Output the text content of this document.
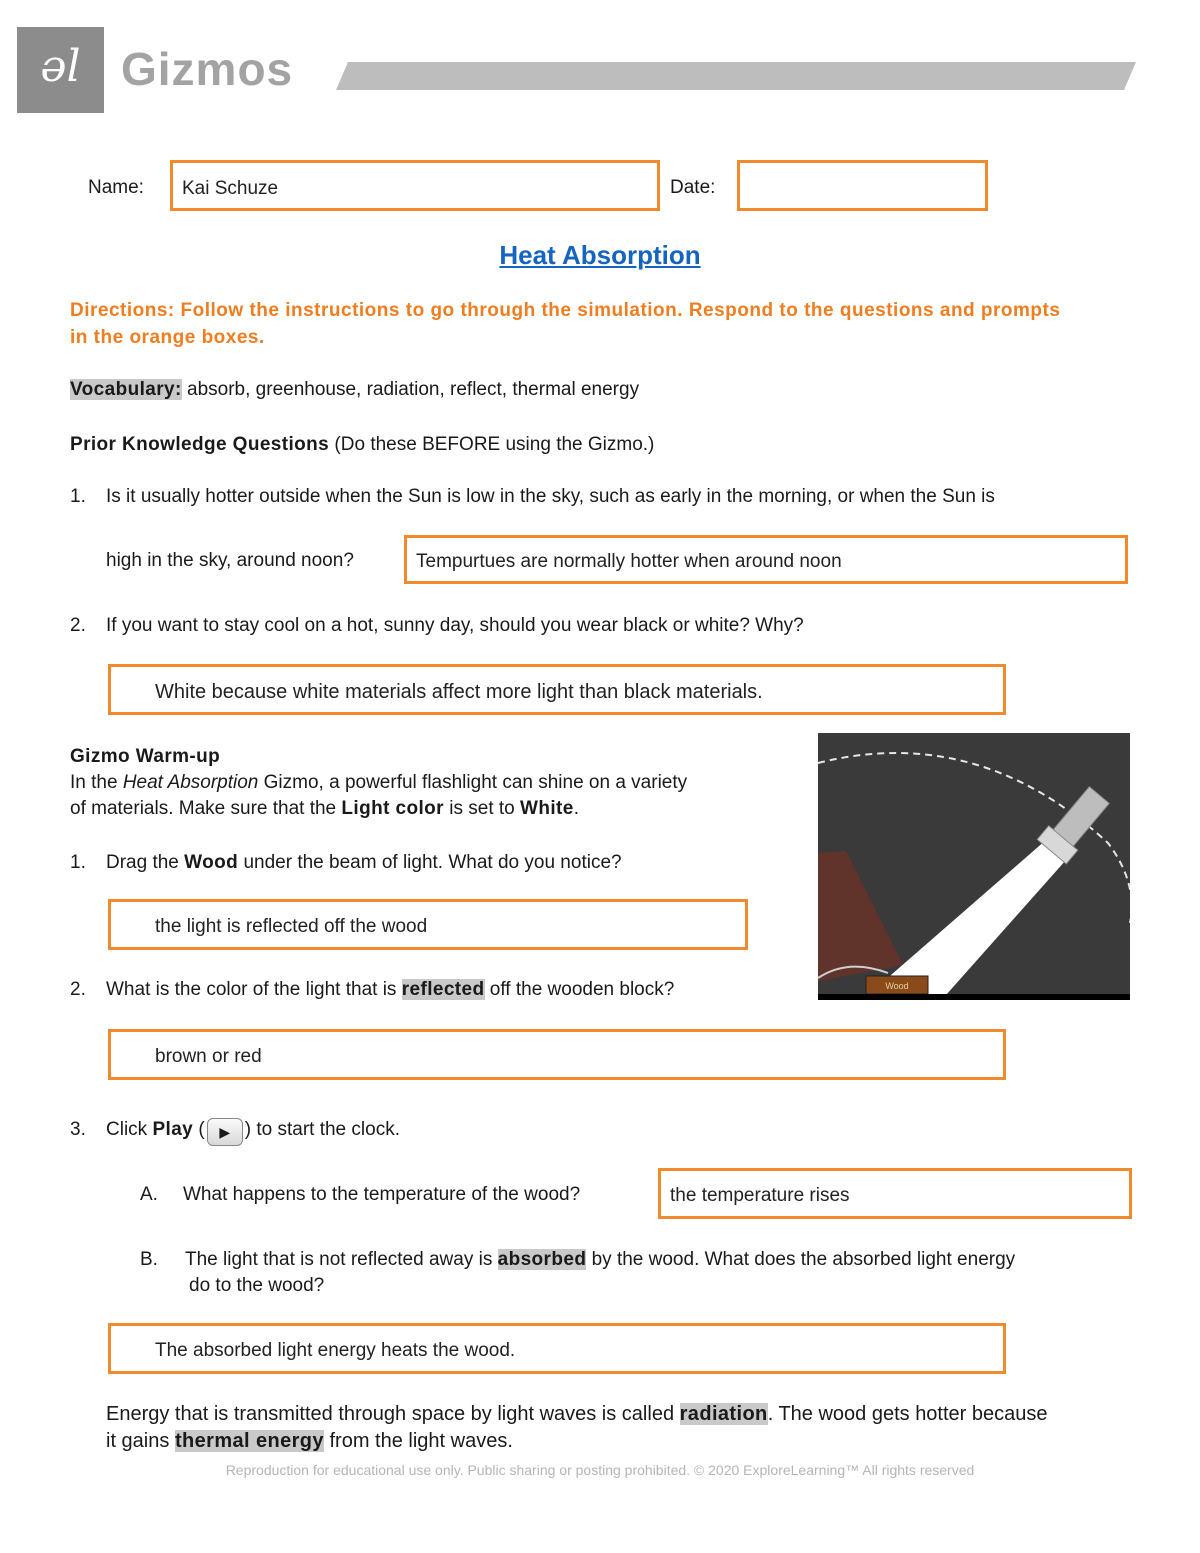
əl Gizmos
Name: Kai Schuze	Date:
Heat Absorption
Directions: Follow the instructions to go through the simulation. Respond to the questions and prompts in the orange boxes.
Vocabulary: absorb, greenhouse, radiation, reflect, thermal energy
Prior Knowledge Questions (Do these BEFORE using the Gizmo.)
1. Is it usually hotter outside when the Sun is low in the sky, such as early in the morning, or when the Sun is
high in the sky, around noon?	Tempurtues are normally hotter when around noon
2. If you want to stay cool on a hot, sunny day, should you wear black or white? Why?
White because white materials affect more light than black materials.
Gizmo Warm-up
In the Heat Absorption Gizmo, a powerful flashlight can shine on a variety
of materials. Make sure that the Light color is set to White.
Wood
1. Drag the Wood under the beam of light. What do you notice?
the light is reflected off the wood
2. What is the color of the light that is reflected off the wooden block?
brown or red
3. Click Play ( ▶ ) to start the clock.
A. What happens to the temperature of the wood?	the temperature rises
B. The light that is not reflected away is absorbed by the wood. What does the absorbed light energy
do to the wood?
The absorbed light energy heats the wood.
Energy that is transmitted through space by light waves is called radiation. The wood gets hotter because
it gains thermal energy from the light waves.
Reproduction for educational use only. Public sharing or posting prohibited. © 2020 ExploreLearning™ All rights reserved
